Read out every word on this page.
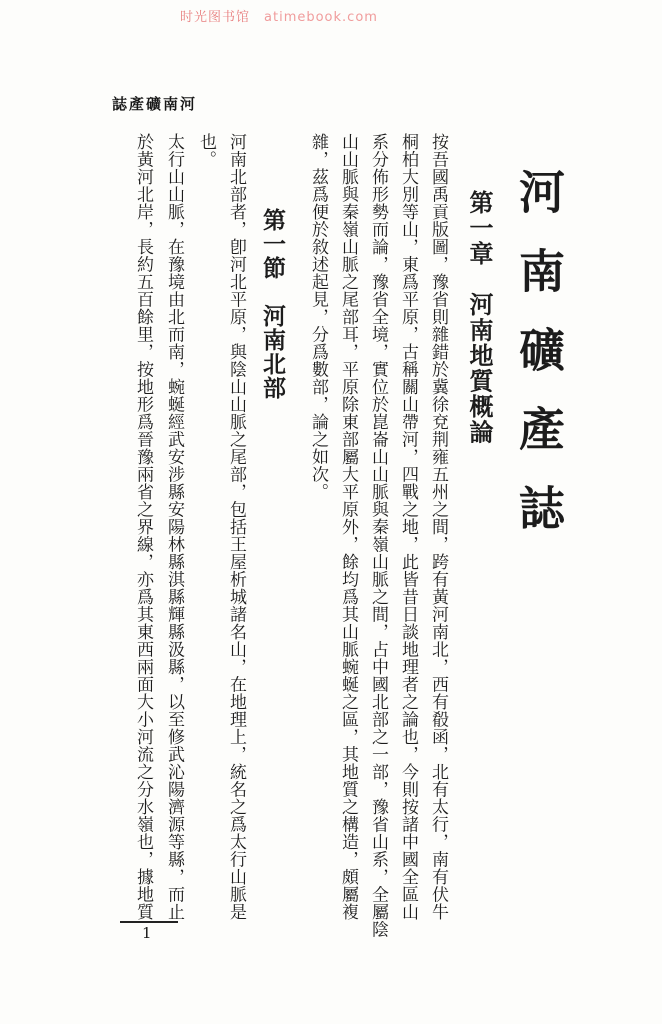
时光图书馆 atimebook.com
誌產礦南河
河南礦產誌
第一章　河南地質概論
按吾國禹貢版圖，豫省則雜錯於冀徐兗荆雍五州之間，跨有黃河南北，西有殽函，北有太行，南有伏牛
桐柏大別等山，東爲平原，古稱關山帶河，四戰之地，此皆昔日談地理者之論也，今則按諸中國全區山
系分佈形勢而論，豫省全境，實位於崑崙山山脈與秦嶺山脈之間，占中國北部之一部，豫省山系，全屬陰
山山脈與秦嶺山脈之尾部耳，平原除東部屬大平原外，餘均爲其山脈蜿蜒之區，其地質之構造，頗屬複
雜，茲爲便於敘述起見，分爲數部，論之如次。
第一節　河南北部
河南北部者，卽河北平原，與陰山山脈之尾部，包括王屋析城諸名山，在地理上，統名之爲太行山脈是
也。
太行山山脈，在豫境由北而南，蜿蜒經武安涉縣安陽林縣淇縣輝縣汲縣，以至修武沁陽濟源等縣，而止
於黃河北岸，長約五百餘里，按地形爲晉豫兩省之界線，亦爲其東西兩面大小河流之分水嶺也，據地質
1
